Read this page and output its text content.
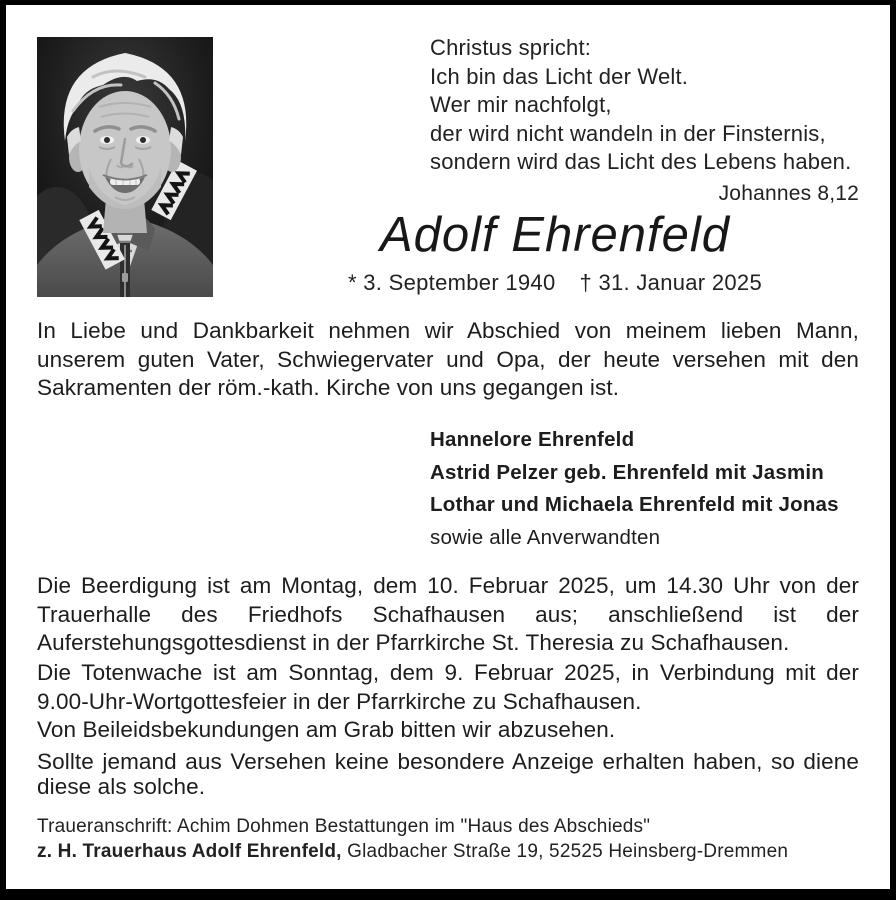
Christus spricht:
Ich bin das Licht der Welt.
Wer mir nachfolgt,
der wird nicht wandeln in der Finsternis,
sondern wird das Licht des Lebens haben.
Johannes 8,12
Adolf Ehrenfeld
* 3. September 1940 † 31. Januar 2025

In Liebe und Dankbarkeit nehmen wir Abschied von meinem lieben Mann, unserem guten Vater, Schwiegervater und Opa, der heute versehen mit den Sakramenten der röm.-kath. Kirche von uns gegangen ist.

Hannelore Ehrenfeld
Astrid Pelzer geb. Ehrenfeld mit Jasmin
Lothar und Michaela Ehrenfeld mit Jonas
sowie alle Anverwandten

Die Beerdigung ist am Montag, dem 10. Februar 2025, um 14.30 Uhr von der Trauerhalle des Friedhofs Schafhausen aus; anschließend ist der Auferstehungsgottesdienst in der Pfarrkirche St. Theresia zu Schafhausen.

Die Totenwache ist am Sonntag, dem 9. Februar 2025, in Verbindung mit der 9.00-Uhr-Wortgottesfeier in der Pfarrkirche zu Schafhausen.

Von Beileidsbekundungen am Grab bitten wir abzusehen.

Sollte jemand aus Versehen keine besondere Anzeige erhalten haben, so diene diese als solche.

Traueranschrift: Achim Dohmen Bestattungen im "Haus des Abschieds"
z. H. Trauerhaus Adolf Ehrenfeld, Gladbacher Straße 19, 52525 Heinsberg-Dremmen
